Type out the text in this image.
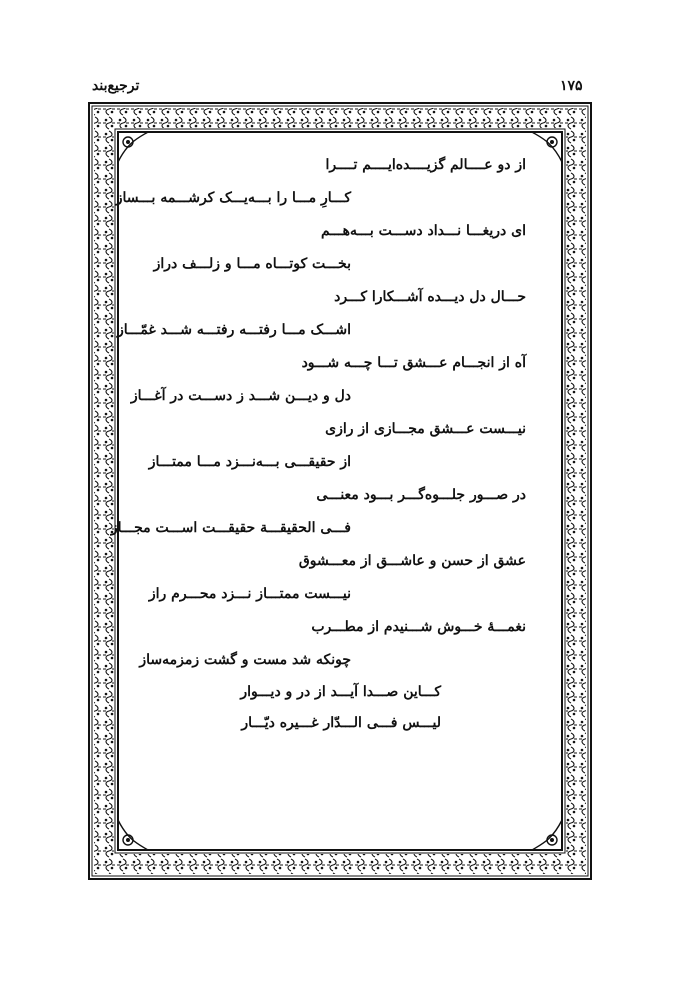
۱۷۵
ترجیع‌بند
از دو عــــالم گزیــــده‌ایــــم تــــرا
کـــارِ مـــا را بـــه‌یـــک کرشـــمه بـــساز
ای دریغـــا نـــداد دســـت بـــه‌هـــم
بخـــت کوتـــاه مـــا و زلـــف دراز
حـــال دل دیـــده آشـــکارا کـــرد
اشـــک مـــا رفتـــه رفتـــه شـــد غمّـــاز
آه از انجـــام عـــشق تـــا چـــه شـــود
دل و دیـــن شـــد ز دســـت در آغـــاز
نیـــست عـــشق مجـــازی از رازی
از حقیقـــی بـــه‌نـــزد مـــا ممتـــاز
در صـــور جلـــوه‌گـــر بـــود معنـــی
فـــی الحقیقـــة حقیقـــت اســـت مجـــاز
عشق از حسن و عاشـــق از معـــشوق
نیـــست ممتـــاز نـــزد محـــرم راز
نغمـــهٔ خـــوش شـــنیدم از مطـــرب
چونکه شد مست و گشت زمزمه‌ساز
کـــاین صـــدا آیـــد از در و دیـــوار
لیـــس فـــی الـــدّار غـــیره دیّـــار
